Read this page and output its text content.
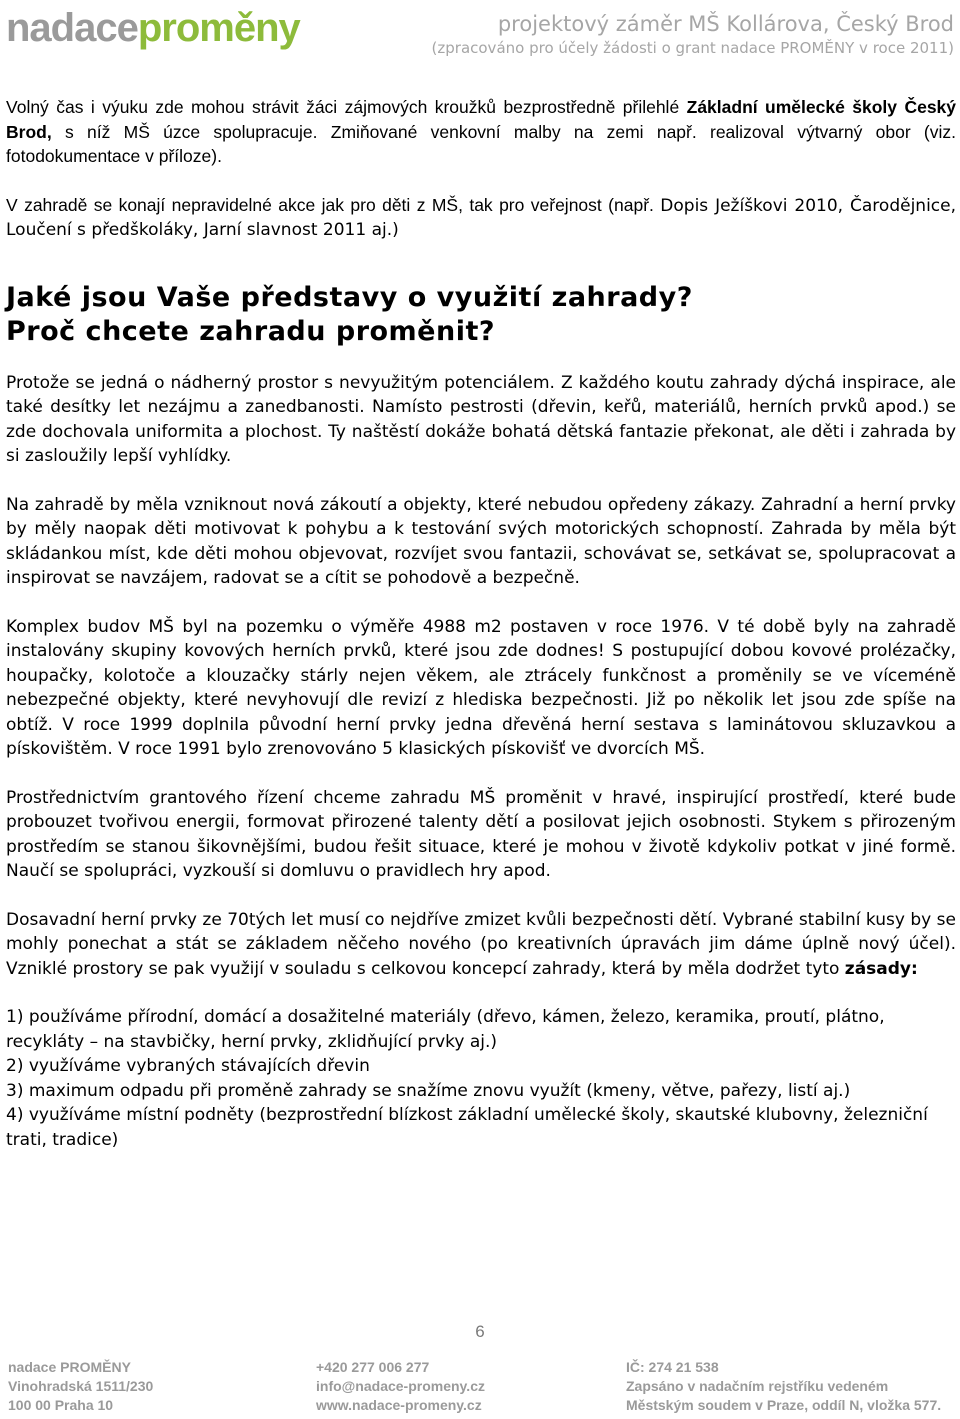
nadaceproměny	projektový záměr MŠ Kollárova, Český Brod
(zpracováno pro účely žádosti o grant nadace PROMĚNY v roce 2011)

Volný čas i výuku zde mohou strávit žáci zájmových kroužků bezprostředně přilehlé Základní umělecké školy Český Brod, s níž MŠ úzce spolupracuje. Zmiňované venkovní malby na zemi např. realizoval výtvarný obor (viz. fotodokumentace v příloze).

V zahradě se konají nepravidelné akce jak pro děti z MŠ, tak pro veřejnost (např. Dopis Ježíškovi 2010, Čarodějnice, Loučení s předškoláky, Jarní slavnost 2011 aj.)

Jaké jsou Vaše představy o využití zahrady?
Proč chcete zahradu proměnit?

Protože se jedná o nádherný prostor s nevyužitým potenciálem. Z každého koutu zahrady dýchá inspirace, ale také desítky let nezájmu a zanedbanosti. Namísto pestrosti (dřevin, keřů, materiálů, herních prvků apod.) se zde dochovala uniformita a plochost. Ty naštěstí dokáže bohatá dětská fantazie překonat, ale děti i zahrada by si zasloužily lepší vyhlídky.

Na zahradě by měla vzniknout nová zákoutí a objekty, které nebudou opředeny zákazy. Zahradní a herní prvky by měly naopak děti motivovat k pohybu a k testování svých motorických schopností. Zahrada by měla být skládankou míst, kde děti mohou objevovat, rozvíjet svou fantazii, schovávat se, setkávat se, spolupracovat a inspirovat se navzájem, radovat se a cítit se pohodově a bezpečně.

Komplex budov MŠ byl na pozemku o výměře 4988 m2 postaven v roce 1976. V té době byly na zahradě instalovány skupiny kovových herních prvků, které jsou zde dodnes! S postupující dobou kovové prolézačky, houpačky, kolotoče a klouzačky stárly nejen věkem, ale ztrácely funkčnost a proměnily se ve víceméně nebezpečné objekty, které nevyhovují dle revizí z hlediska bezpečnosti. Již po několik let jsou zde spíše na obtíž. V roce 1999 doplnila původní herní prvky jedna dřevěná herní sestava s laminátovou skluzavkou a pískovištěm. V roce 1991 bylo zrenovováno 5 klasických pískovišť ve dvorcích MŠ.

Prostřednictvím grantového řízení chceme zahradu MŠ proměnit v hravé, inspirující prostředí, které bude probouzet tvořivou energii, formovat přirozené talenty dětí a posilovat jejich osobnosti. Stykem s přirozeným prostředím se stanou šikovnějšími, budou řešit situace, které je mohou v životě kdykoliv potkat v jiné formě. Naučí se spolupráci, vyzkouší si domluvu o pravidlech hry apod.

Dosavadní herní prvky ze 70tých let musí co nejdříve zmizet kvůli bezpečnosti dětí. Vybrané stabilní kusy by se mohly ponechat a stát se základem něčeho nového (po kreativních úpravách jim dáme úplně nový účel). Vzniklé prostory se pak využijí v souladu s celkovou koncepcí zahrady, která by měla dodržet tyto zásady:

1) používáme přírodní, domácí a dosažitelné materiály (dřevo, kámen, železo, keramika, proutí, plátno, recykláty – na stavbičky, herní prvky, zklidňující prvky aj.)

2) využíváme vybraných stávajících dřevin

3) maximum odpadu při proměně zahrady se snažíme znovu využít (kmeny, větve, pařezy, listí aj.)

4) využíváme místní podněty (bezprostřední blízkost základní umělecké školy, skautské klubovny, železniční trati, tradice)

6
nadace PROMĚNY
Vinohradská 1511/230
100 00 Praha 10
+420 277 006 277
info@nadace-promeny.cz
www.nadace-promeny.cz
IČ: 274 21 538
Zapsáno v nadačním rejstříku vedeném
Městským soudem v Praze, oddíl N, vložka 577.
